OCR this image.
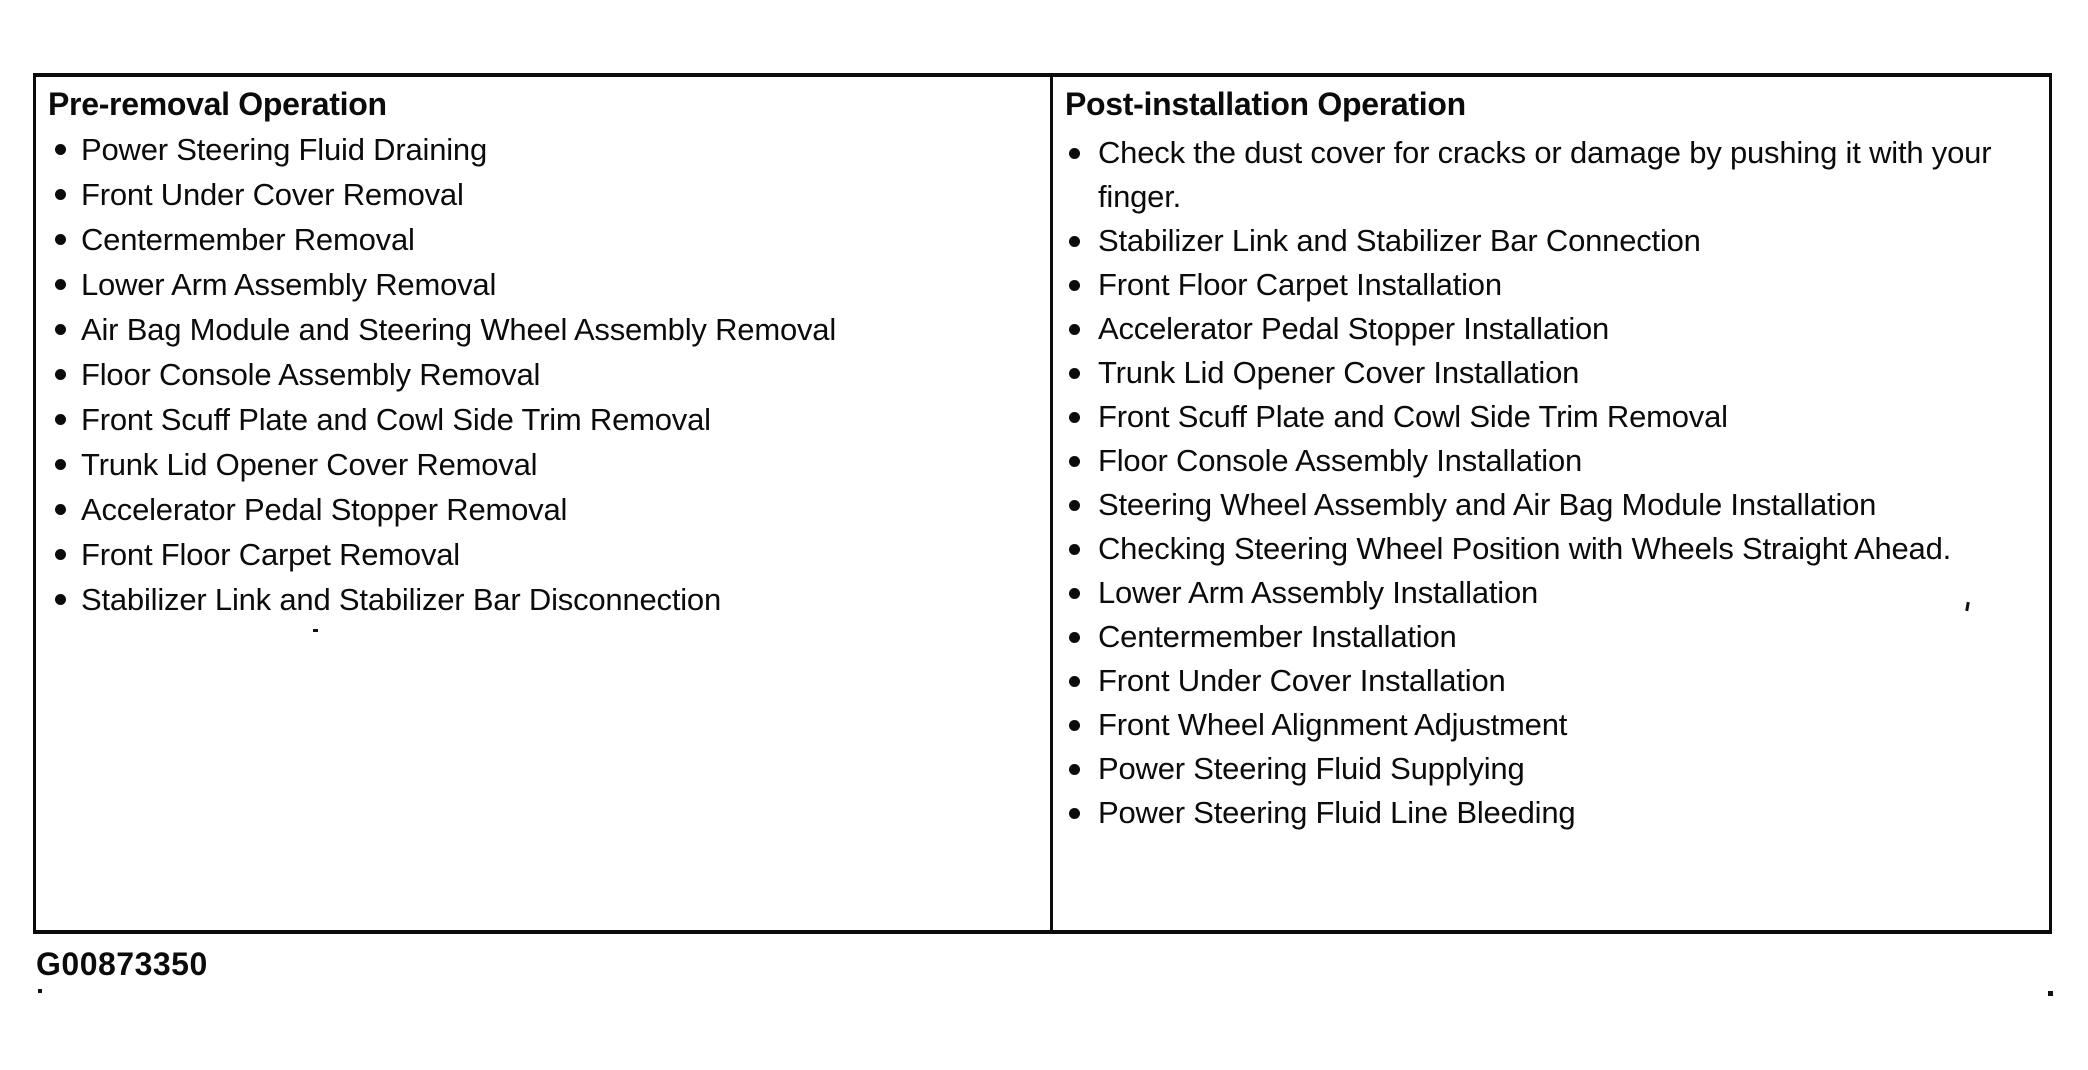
Pre-removal Operation
Power Steering Fluid Draining
Front Under Cover Removal
Centermember Removal
Lower Arm Assembly Removal
Air Bag Module and Steering Wheel Assembly Removal
Floor Console Assembly Removal
Front Scuff Plate and Cowl Side Trim Removal
Trunk Lid Opener Cover Removal
Accelerator Pedal Stopper Removal
Front Floor Carpet Removal
Stabilizer Link and Stabilizer Bar Disconnection
Post-installation Operation
Check the dust cover for cracks or damage by pushing it with your finger.
Stabilizer Link and Stabilizer Bar Connection
Front Floor Carpet Installation
Accelerator Pedal Stopper Installation
Trunk Lid Opener Cover Installation
Front Scuff Plate and Cowl Side Trim Removal
Floor Console Assembly Installation
Steering Wheel Assembly and Air Bag Module Installation
Checking Steering Wheel Position with Wheels Straight Ahead.
Lower Arm Assembly Installation
Centermember Installation
Front Under Cover Installation
Front Wheel Alignment Adjustment
Power Steering Fluid Supplying
Power Steering Fluid Line Bleeding
G00873350
